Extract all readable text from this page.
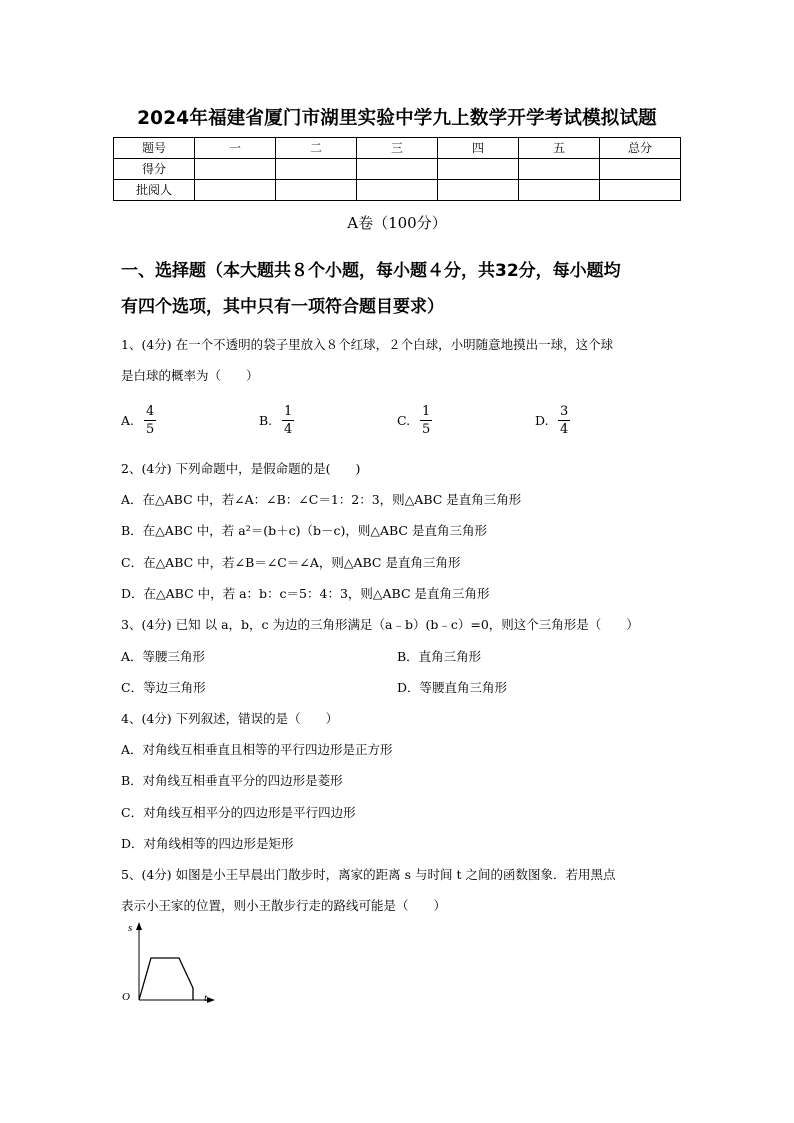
2024年福建省厦门市湖里实验中学九上数学开学考试模拟试题
题号	一	二	三	四	五	总分
得分						
批阅人						
A卷（100分）
一、选择题（本大题共８个小题，每小题４分，共32分，每小题均
有四个选项，其中只有一项符合题目要求）
1、(4分) 在一个不透明的袋子里放入８个红球，２个白球，小明随意地摸出一球，这个球
是白球的概率为（　　）
A.
4
5
B.
1
4
C.
1
5
D.
3
4
2、(4分) 下列命题中，是假命题的是(　　)
A．在△ABC 中，若∠A：∠B：∠C＝1：2：3，则△ABC 是直角三角形
B．在△ABC 中，若 a²＝(b＋c)（b－c)，则△ABC 是直角三角形
C．在△ABC 中，若∠B＝∠C＝∠A，则△ABC 是直角三角形
D．在△ABC 中，若 a：b：c＝5：4：3，则△ABC 是直角三角形
3、(4分) 已知 以 a，b，c 为边的三角形满足（a﹣b）(b﹣c）=0，则这个三角形是（　　）
A．等腰三角形	B．直角三角形
C．等边三角形	D．等腰直角三角形
4、(4分) 下列叙述，错误的是（　　）
A．对角线互相垂直且相等的平行四边形是正方形
B．对角线互相垂直平分的四边形是菱形
C．对角线互相平分的四边形是平行四边形
D．对角线相等的四边形是矩形
5、(4分) 如图是小王早晨出门散步时，离家的距离 s 与时间 t 之间的函数图象．若用黑点
表示小王家的位置，则小王散步行走的路线可能是（　　）
s
t
O
